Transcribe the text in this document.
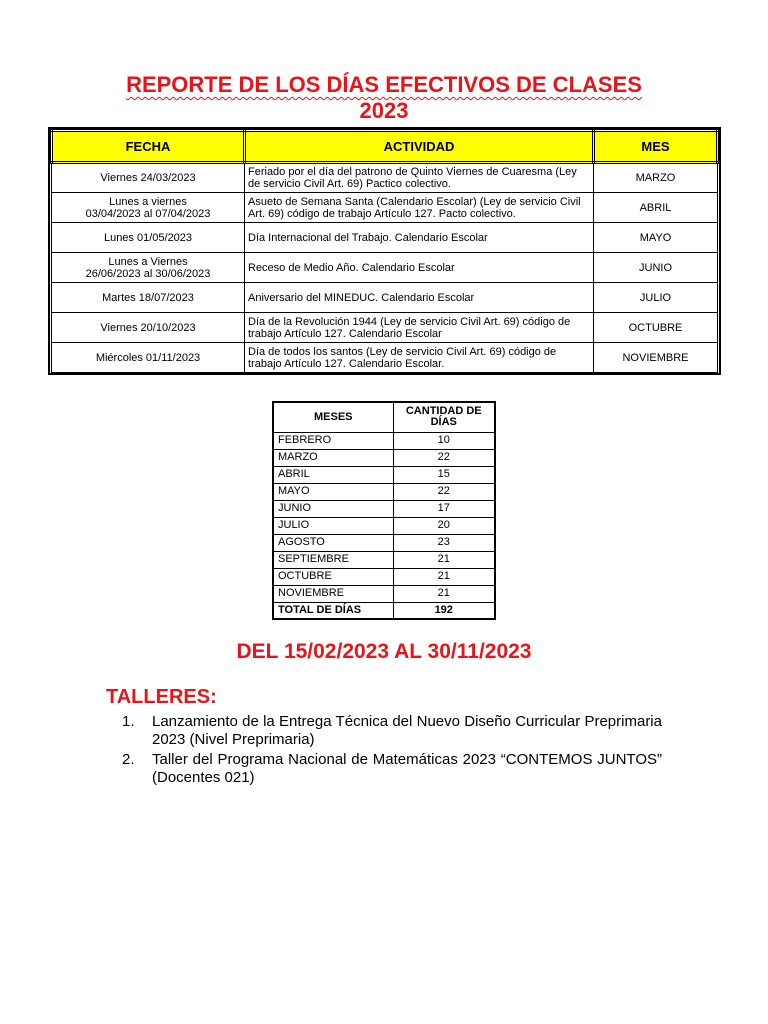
REPORTE DE LOS DÍAS EFECTIVOS DE CLASES
2023
FECHA	ACTIVIDAD	MES

Viernes 24/03/2023	Feriado por el día del patrono de Quinto Viernes de Cuaresma (Ley de servicio Civil Art. 69) Pactico colectivo.	MARZO

Lunes a viernes
03/04/2023 al 07/04/2023	Asueto de Semana Santa (Calendario Escolar) (Ley de servicio Civil Art. 69) código de trabajo Artículo 127. Pacto colectivo.	ABRIL

Lunes 01/05/2023	Día Internacional del Trabajo. Calendario Escolar	MAYO

Lunes a Viernes
26/06/2023 al 30/06/2023	Receso de Medio Año. Calendario Escolar	JUNIO

Martes 18/07/2023	Aniversario del MINEDUC. Calendario Escolar	JULIO

Viernes 20/10/2023	Día de la Revolución 1944 (Ley de servicio Civil Art. 69) código de trabajo Artículo 127. Calendario Escolar	OCTUBRE

Miércoles 01/11/2023	Día de todos los santos (Ley de servicio Civil Art. 69) código de trabajo Artículo 127. Calendario Escolar.	NOVIEMBRE
MESES	CANTIDAD DE DÍAS
FEBRERO	10
MARZO	22
ABRIL	15
MAYO	22
JUNIO	17
JULIO	20
AGOSTO	23
SEPTIEMBRE	21
OCTUBRE	21
NOVIEMBRE	21
TOTAL DE DÍAS	192
DEL 15/02/2023 AL 30/11/2023
TALLERES:
1.	Lanzamiento de la Entrega Técnica del Nuevo Diseño Curricular Preprimaria 2023 (Nivel Preprimaria)
2.	Taller del Programa Nacional de Matemáticas 2023 “CONTEMOS JUNTOS” (Docentes 021)
